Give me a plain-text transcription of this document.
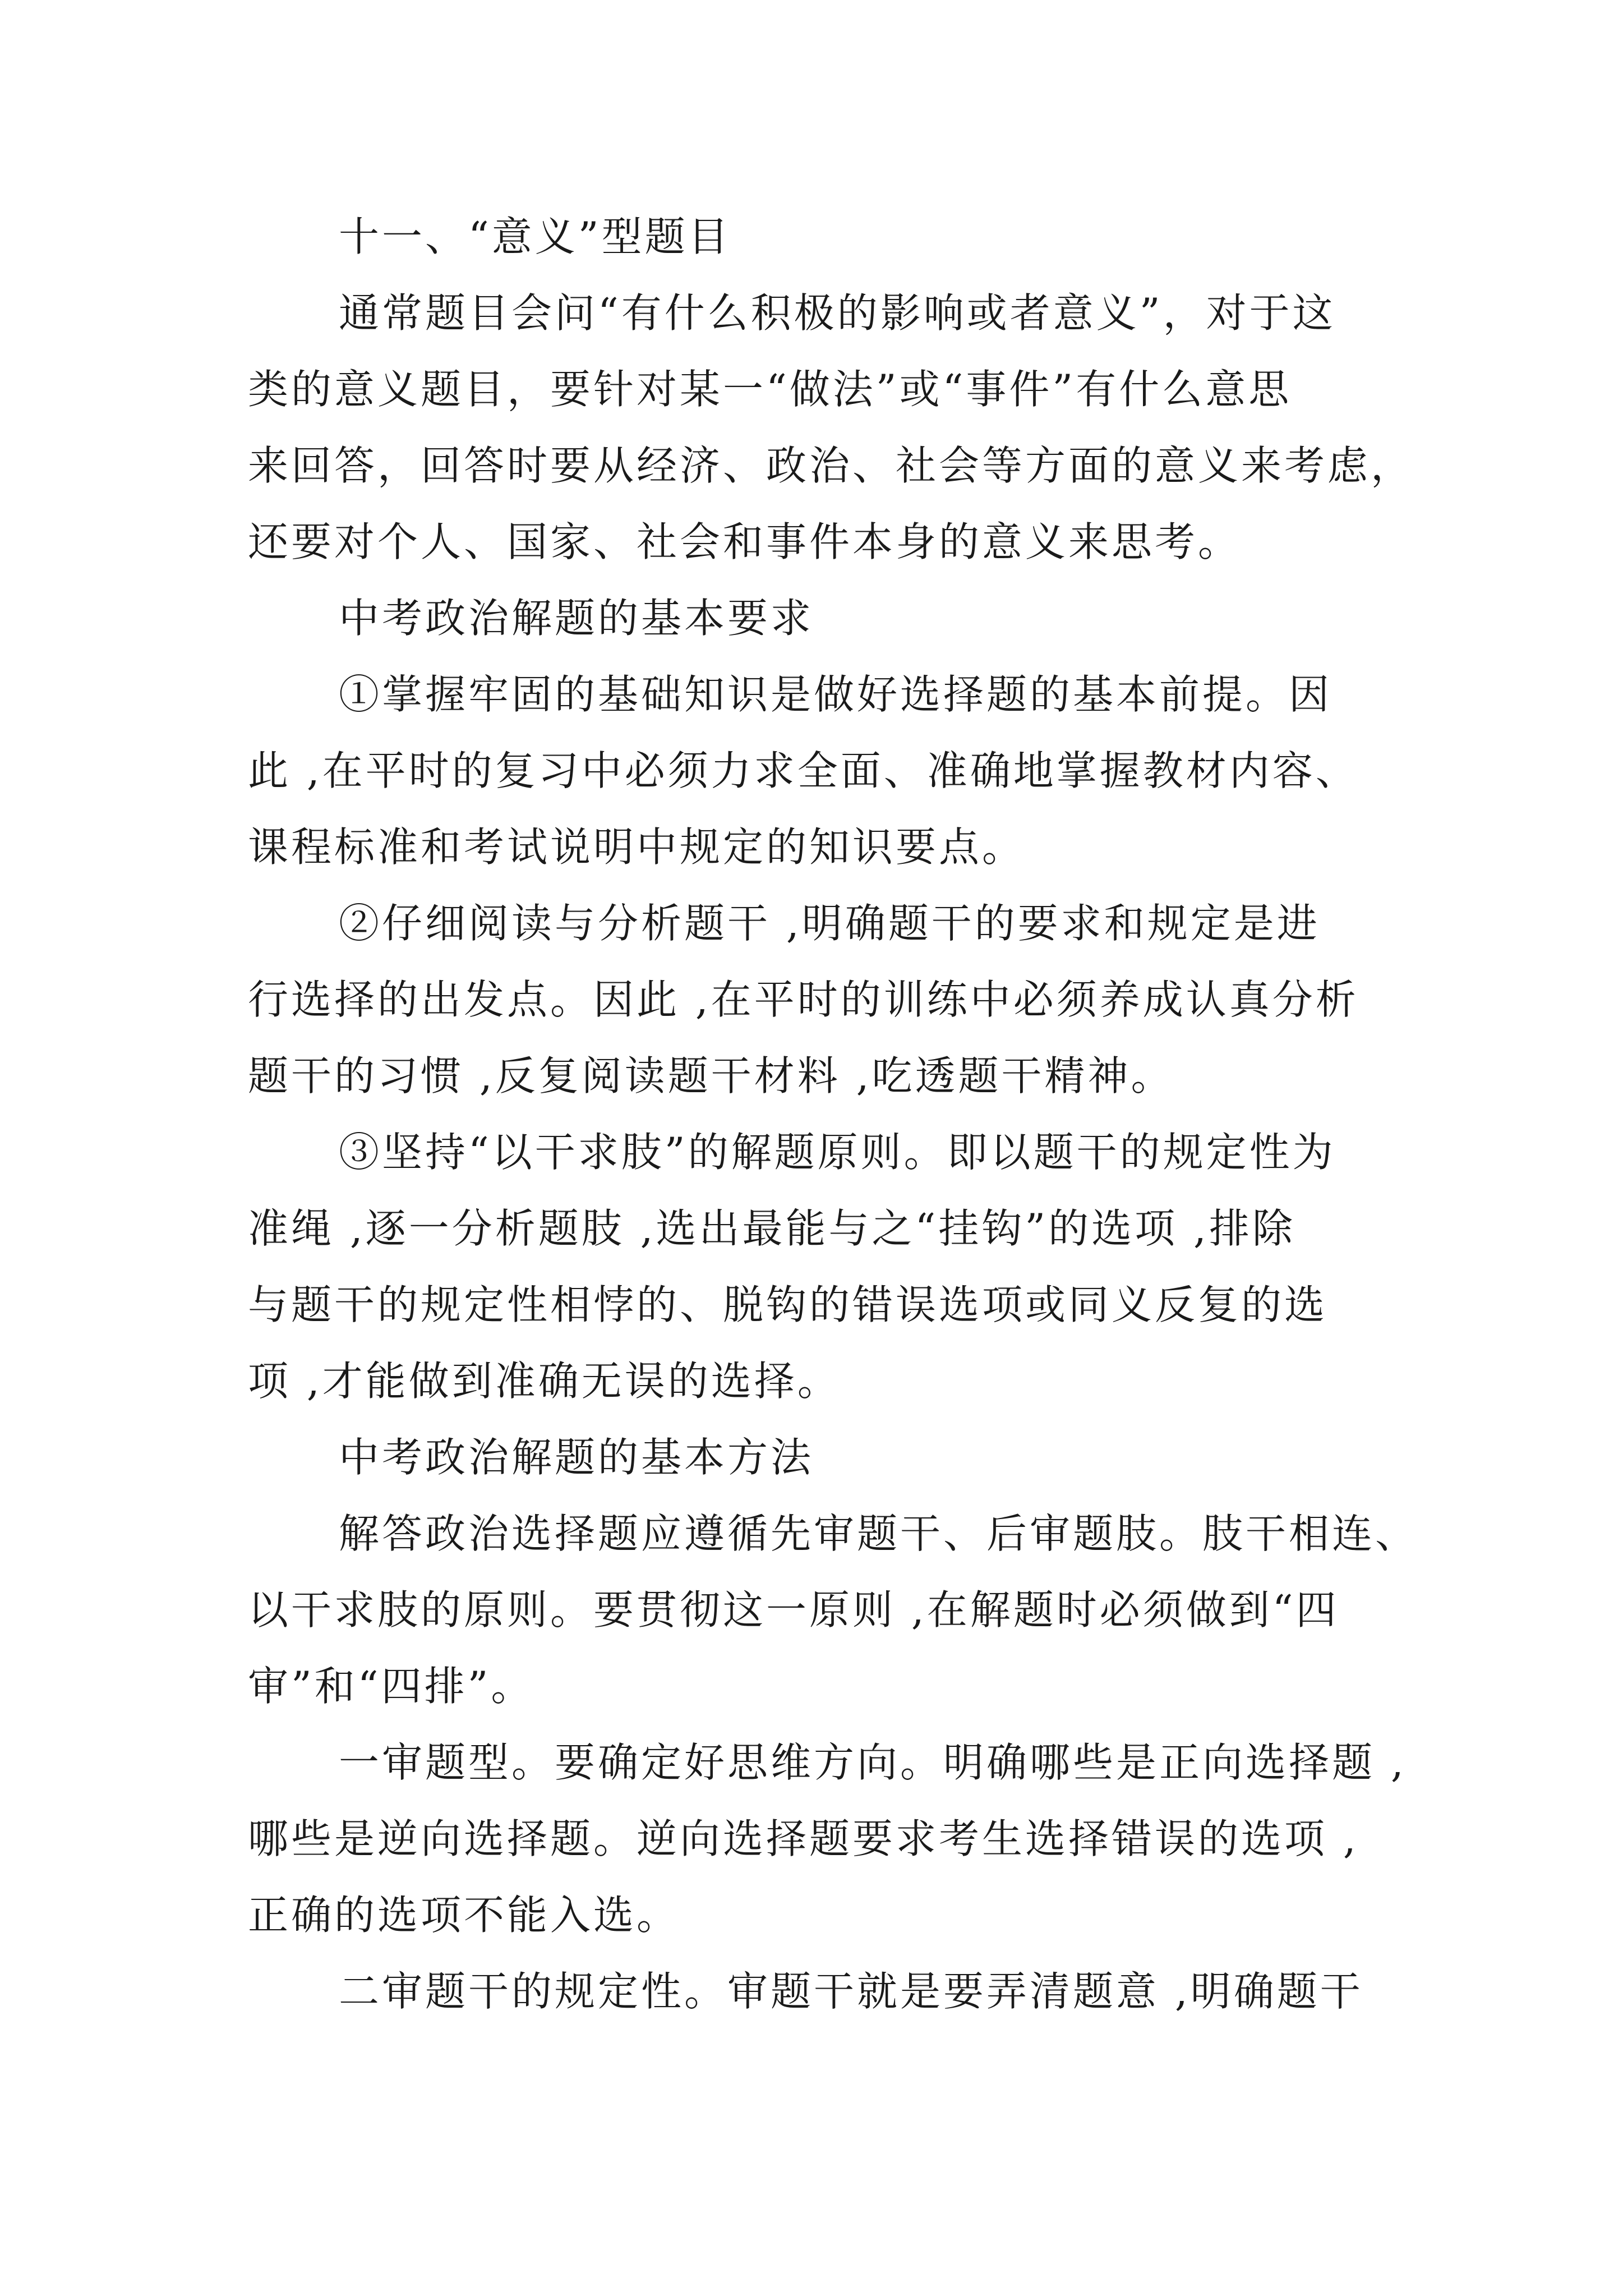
十一、“意义”型题目
通常题目会问“有什么积极的影响或者意义”，对于这
类的意义题目，要针对某一“做法”或“事件”有什么意思
来回答，回答时要从经济、政治、社会等方面的意义来考虑，
还要对个人、国家、社会和事件本身的意义来思考。
中考政治解题的基本要求
①掌握牢固的基础知识是做好选择题的基本前提。因
此 ,在平时的复习中必须力求全面、准确地掌握教材内容、
课程标准和考试说明中规定的知识要点。
②仔细阅读与分析题干 ,明确题干的要求和规定是进
行选择的出发点。因此 ,在平时的训练中必须养成认真分析
题干的习惯 ,反复阅读题干材料 ,吃透题干精神。
③坚持“以干求肢”的解题原则。即以题干的规定性为
准绳 ,逐一分析题肢 ,选出最能与之“挂钩”的选项 ,排除
与题干的规定性相悖的、脱钩的错误选项或同义反复的选
项 ,才能做到准确无误的选择。
中考政治解题的基本方法
解答政治选择题应遵循先审题干、后审题肢。肢干相连、
以干求肢的原则。要贯彻这一原则 ,在解题时必须做到“四
审”和“四排”。
一审题型。要确定好思维方向。明确哪些是正向选择题 ,
哪些是逆向选择题。逆向选择题要求考生选择错误的选项 ,
正确的选项不能入选。
二审题干的规定性。审题干就是要弄清题意 ,明确题干
